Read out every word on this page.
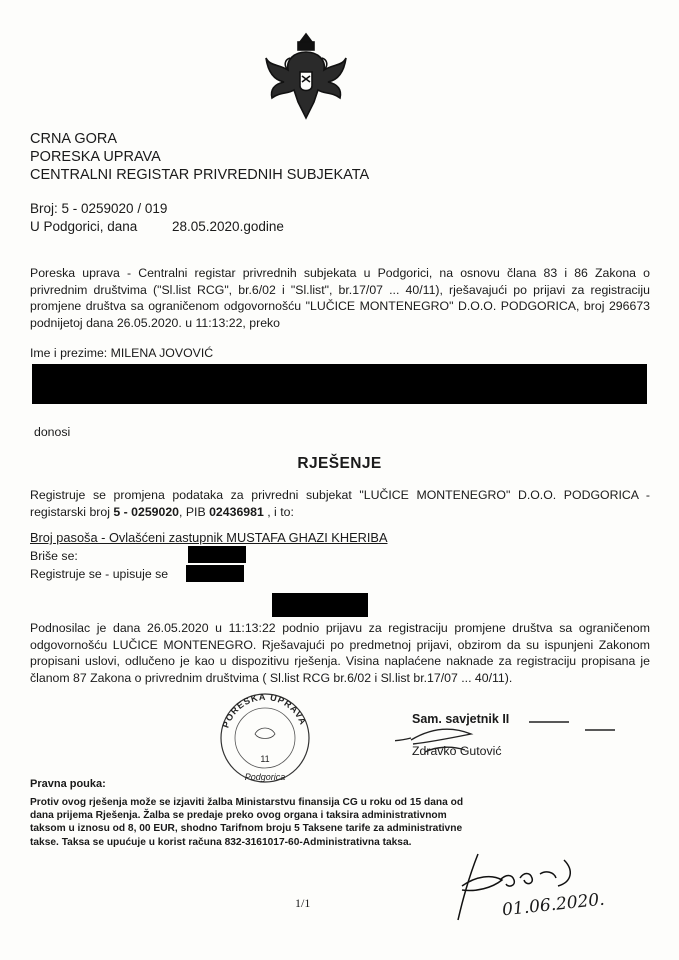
CRNA GORA
PORESKA UPRAVA
CENTRALNI REGISTAR PRIVREDNIH SUBJEKATA
Broj: 5 - 0259020 / 019
U Podgorici, dana	28.05.2020.godine
Poreska uprava - Centralni registar privrednih subjekata u Podgorici, na osnovu člana 83 i 86 Zakona o privrednim društvima ("Sl.list RCG", br.6/02 i "Sl.list", br.17/07 ... 40/11), rješavajući po prijavi za registraciju promjene društva sa ograničenom odgovornošću "LUČICE MONTENEGRO" D.O.O. PODGORICA, broj 296673 podnijetoj dana 26.05.2020. u 11:13:22, preko
Ime i prezime: MILENA JOVOVIĆ
donosi
RJEŠENJE
Registruje se promjena podataka za privredni subjekat "LUČICE MONTENEGRO" D.O.O. PODGORICA - registarski broj 5 - 0259020, PIB 02436981 , i to:
Broj pasoša - Ovlašćeni zastupnik MUSTAFA GHAZI KHERIBA
Briše se:
Registruje se - upisuje se
Podnosilac je dana 26.05.2020 u 11:13:22 podnio prijavu za registraciju promjene društva sa ograničenom odgovornošću LUČICE MONTENEGRO. Rješavajući po predmetnoj prijavi, obzirom da su ispunjeni Zakonom propisani uslovi, odlučeno je kao u dispozitivu rješenja. Visina naplaćene naknade za registraciju propisana je članom 87 Zakona o privrednim društvima ( Sl.list RCG br.6/02 i Sl.list br.17/07 ... 40/11).
PORESKA UPRAVA
11
Podgorica
Sam. savjetnik II
Zdravko Gutović
Pravna pouka:
Protiv ovog rješenja može se izjaviti žalba Ministarstvu finansija CG u roku od 15 dana od dana prijema Rješenja. Žalba se predaje preko ovog organa i taksira administrativnom taksom u iznosu od 8, 00 EUR, shodno Tarifnom broju 5 Taksene tarife za administrativne takse. Taksa se upućuje u korist računa 832-3161017-60-Administrativna taksa.
01.06.2020.
1/1
